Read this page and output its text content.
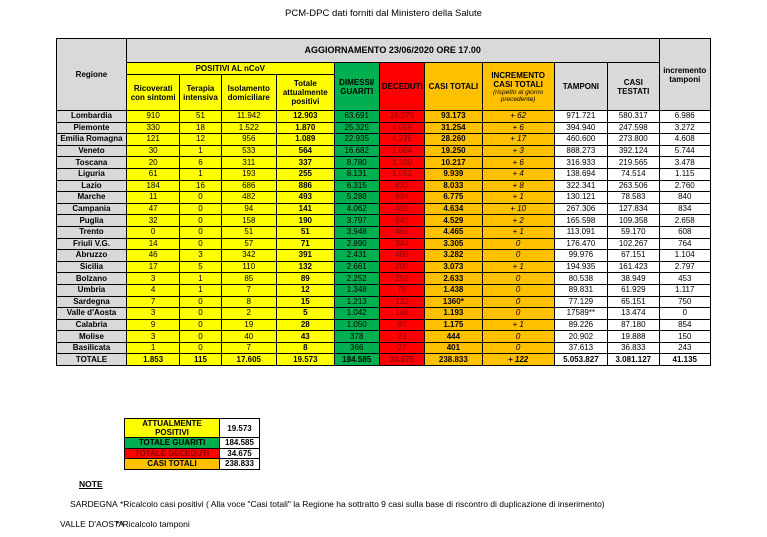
PCM-DPC dati forniti dal Ministero della Salute
Regione	AGGIORNAMENTO 23/06/2020 ORE 17.00										incremento tamponi
	POSITIVI AL nCoV				DIMESSI/ GUARITI	DECEDUTI	CASI TOTALI	INCREMENTO CASI TOTALI
(rispetto al giorno precedente)	TAMPONI	CASI TESTATI	
	Ricoverati con sintomi	Terapia intensiva	Isolamento domiciliare	Totale attualmente positivi							
Lombardia	910	51	11.942	12.903	63.691	16.579	93.173	+ 62	971.721	580.317	6.986
Piemonte	330	18	1.522	1.870	25.325	4.059	31.254	+ 6	394.940	247.598	3.272
Emilia Romagna	121	12	956	1.089	22.935	4.236	28.260	+ 17	460.600	273.800	4.608
Veneto	30	1	533	564	16.682	2.004	19.250	+ 3	888.273	392.124	5.744
Toscana	20	6	311	337	8.780	1.100	10.217	+ 6	316.933	219.565	3.478
Liguria	61	1	193	255	8.131	1.553	9.939	+ 4	138.694	74.514	1.115
Lazio	184	16	686	886	6.315	832	8.033	+ 8	322.341	263.506	2.760
Marche	11	0	482	493	5.288	994	6.775	+ 1	130.121	78.583	840
Campania	47	0	94	141	4.062	431	4.634	+ 10	267.306	127.834	834
Puglia	32	0	158	190	3.797	542	4.529	+ 2	165.598	109.358	2.658
Trento	0	0	51	51	3.948	466	4.465	+ 1	113.091	59.170	608
Friuli V.G.	14	0	57	71	2.890	344	3.305	0	176.470	102.267	764
Abruzzo	46	3	342	391	2.431	460	3.282	0	99.976	67.151	1.104
Sicilia	17	5	110	132	2.661	280	3.073	+ 1	194.935	161.423	2.797
Bolzano	3	1	85	89	2.252	292	2.633	0	80.538	38.949	453
Umbria	4	1	7	12	1.348	78	1.438	0	89.831	61.929	1.117
Sardegna	7	0	8	15	1.213	132	1360*	0	77.129	65.151	750
Valle d'Aosta	3	0	2	5	1.042	146	1.193	0	17589**	13.474	0
Calabria	9	0	19	28	1.050	97	1.175	+ 1	89.226	87.180	854
Molise	3	0	40	43	378	23	444	0	20.902	19.888	150
Basilicata	1	0	7	8	366	27	401	0	37.613	36.833	243
TOTALE	1.853	115	17.605	19.573	184.585	34.675	238.833	+ 122	5.053.827	3.081.127	41.135
ATTUALMENTE POSITIVI	19.573
TOTALE GUARITI	184.585
TOTALE DECEDUTI	34.675
CASI TOTALI	238.833
NOTE
SARDEGNA *Ricalcolo casi positivi ( Alla voce "Casi totali" la Regione ha sottratto 9 casi sulla base di riscontro di duplicazione di inserimento)
VALLE D'AOSTA
**Ricalcolo tamponi
